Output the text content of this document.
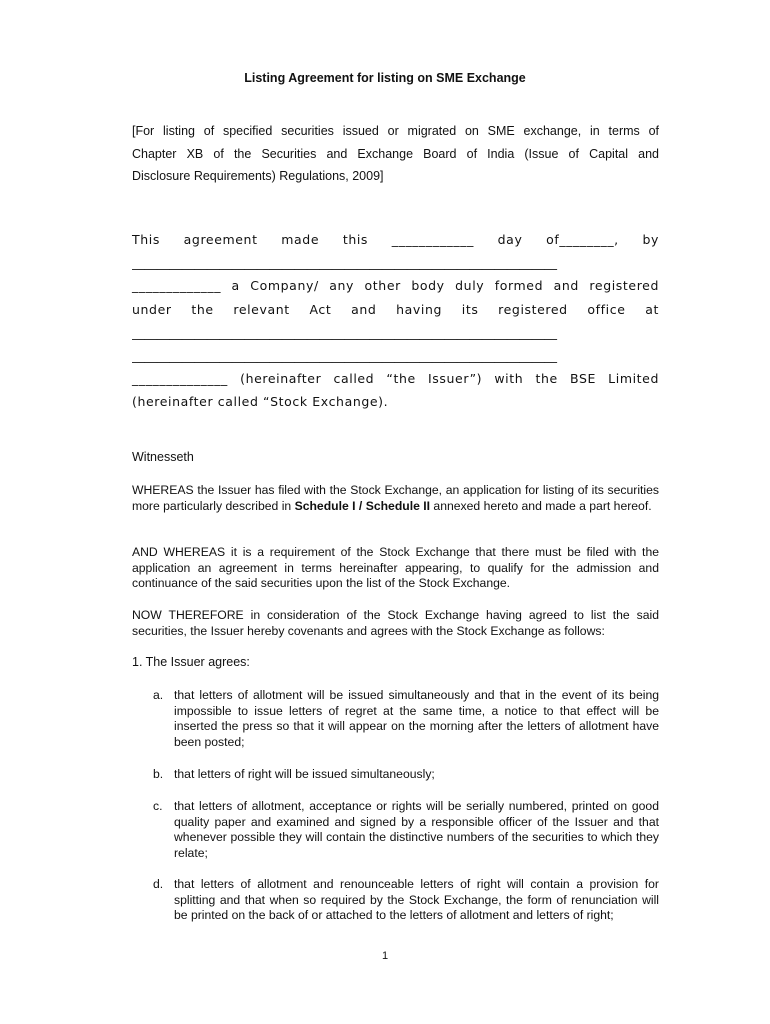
Listing Agreement for listing on SME Exchange
[For listing of specified securities issued or migrated on SME exchange, in terms of
Chapter XB of the Securities and Exchange Board of India (Issue of Capital and
Disclosure Requirements) Regulations, 2009]
This agreement made this ____________ day of________, by
____________________________________________________________________
_____________ a Company/ any other body duly formed and registered
under the relevant Act and having its registered office at
____________________________________________________________________
____________________________________________________________________
______________ (hereinafter called “the Issuer”) with the BSE Limited
(hereinafter called “Stock Exchange).
Witnesseth
WHEREAS the Issuer has filed with the Stock Exchange, an application for listing of its securities more particularly described in Schedule I / Schedule II annexed hereto and made a part hereof.
AND WHEREAS it is a requirement of the Stock Exchange that there must be filed with the application an agreement in terms hereinafter appearing, to qualify for the admission and continuance of the said securities upon the list of the Stock Exchange.
NOW THEREFORE in consideration of the Stock Exchange having agreed to list the said securities, the Issuer hereby covenants and agrees with the Stock Exchange as follows:
1. The Issuer agrees:
a. that letters of allotment will be issued simultaneously and that in the event of its being impossible to issue letters of regret at the same time, a notice to that effect will be inserted the press so that it will appear on the morning after the letters of allotment have been posted;
b. that letters of right will be issued simultaneously;
c. that letters of allotment, acceptance or rights will be serially numbered, printed on good quality paper and examined and signed by a responsible officer of the Issuer and that whenever possible they will contain the distinctive numbers of the securities to which they relate;
d. that letters of allotment and renounceable letters of right will contain a provision for splitting and that when so required by the Stock Exchange, the form of renunciation will be printed on the back of or attached to the letters of allotment and letters of right;
1
